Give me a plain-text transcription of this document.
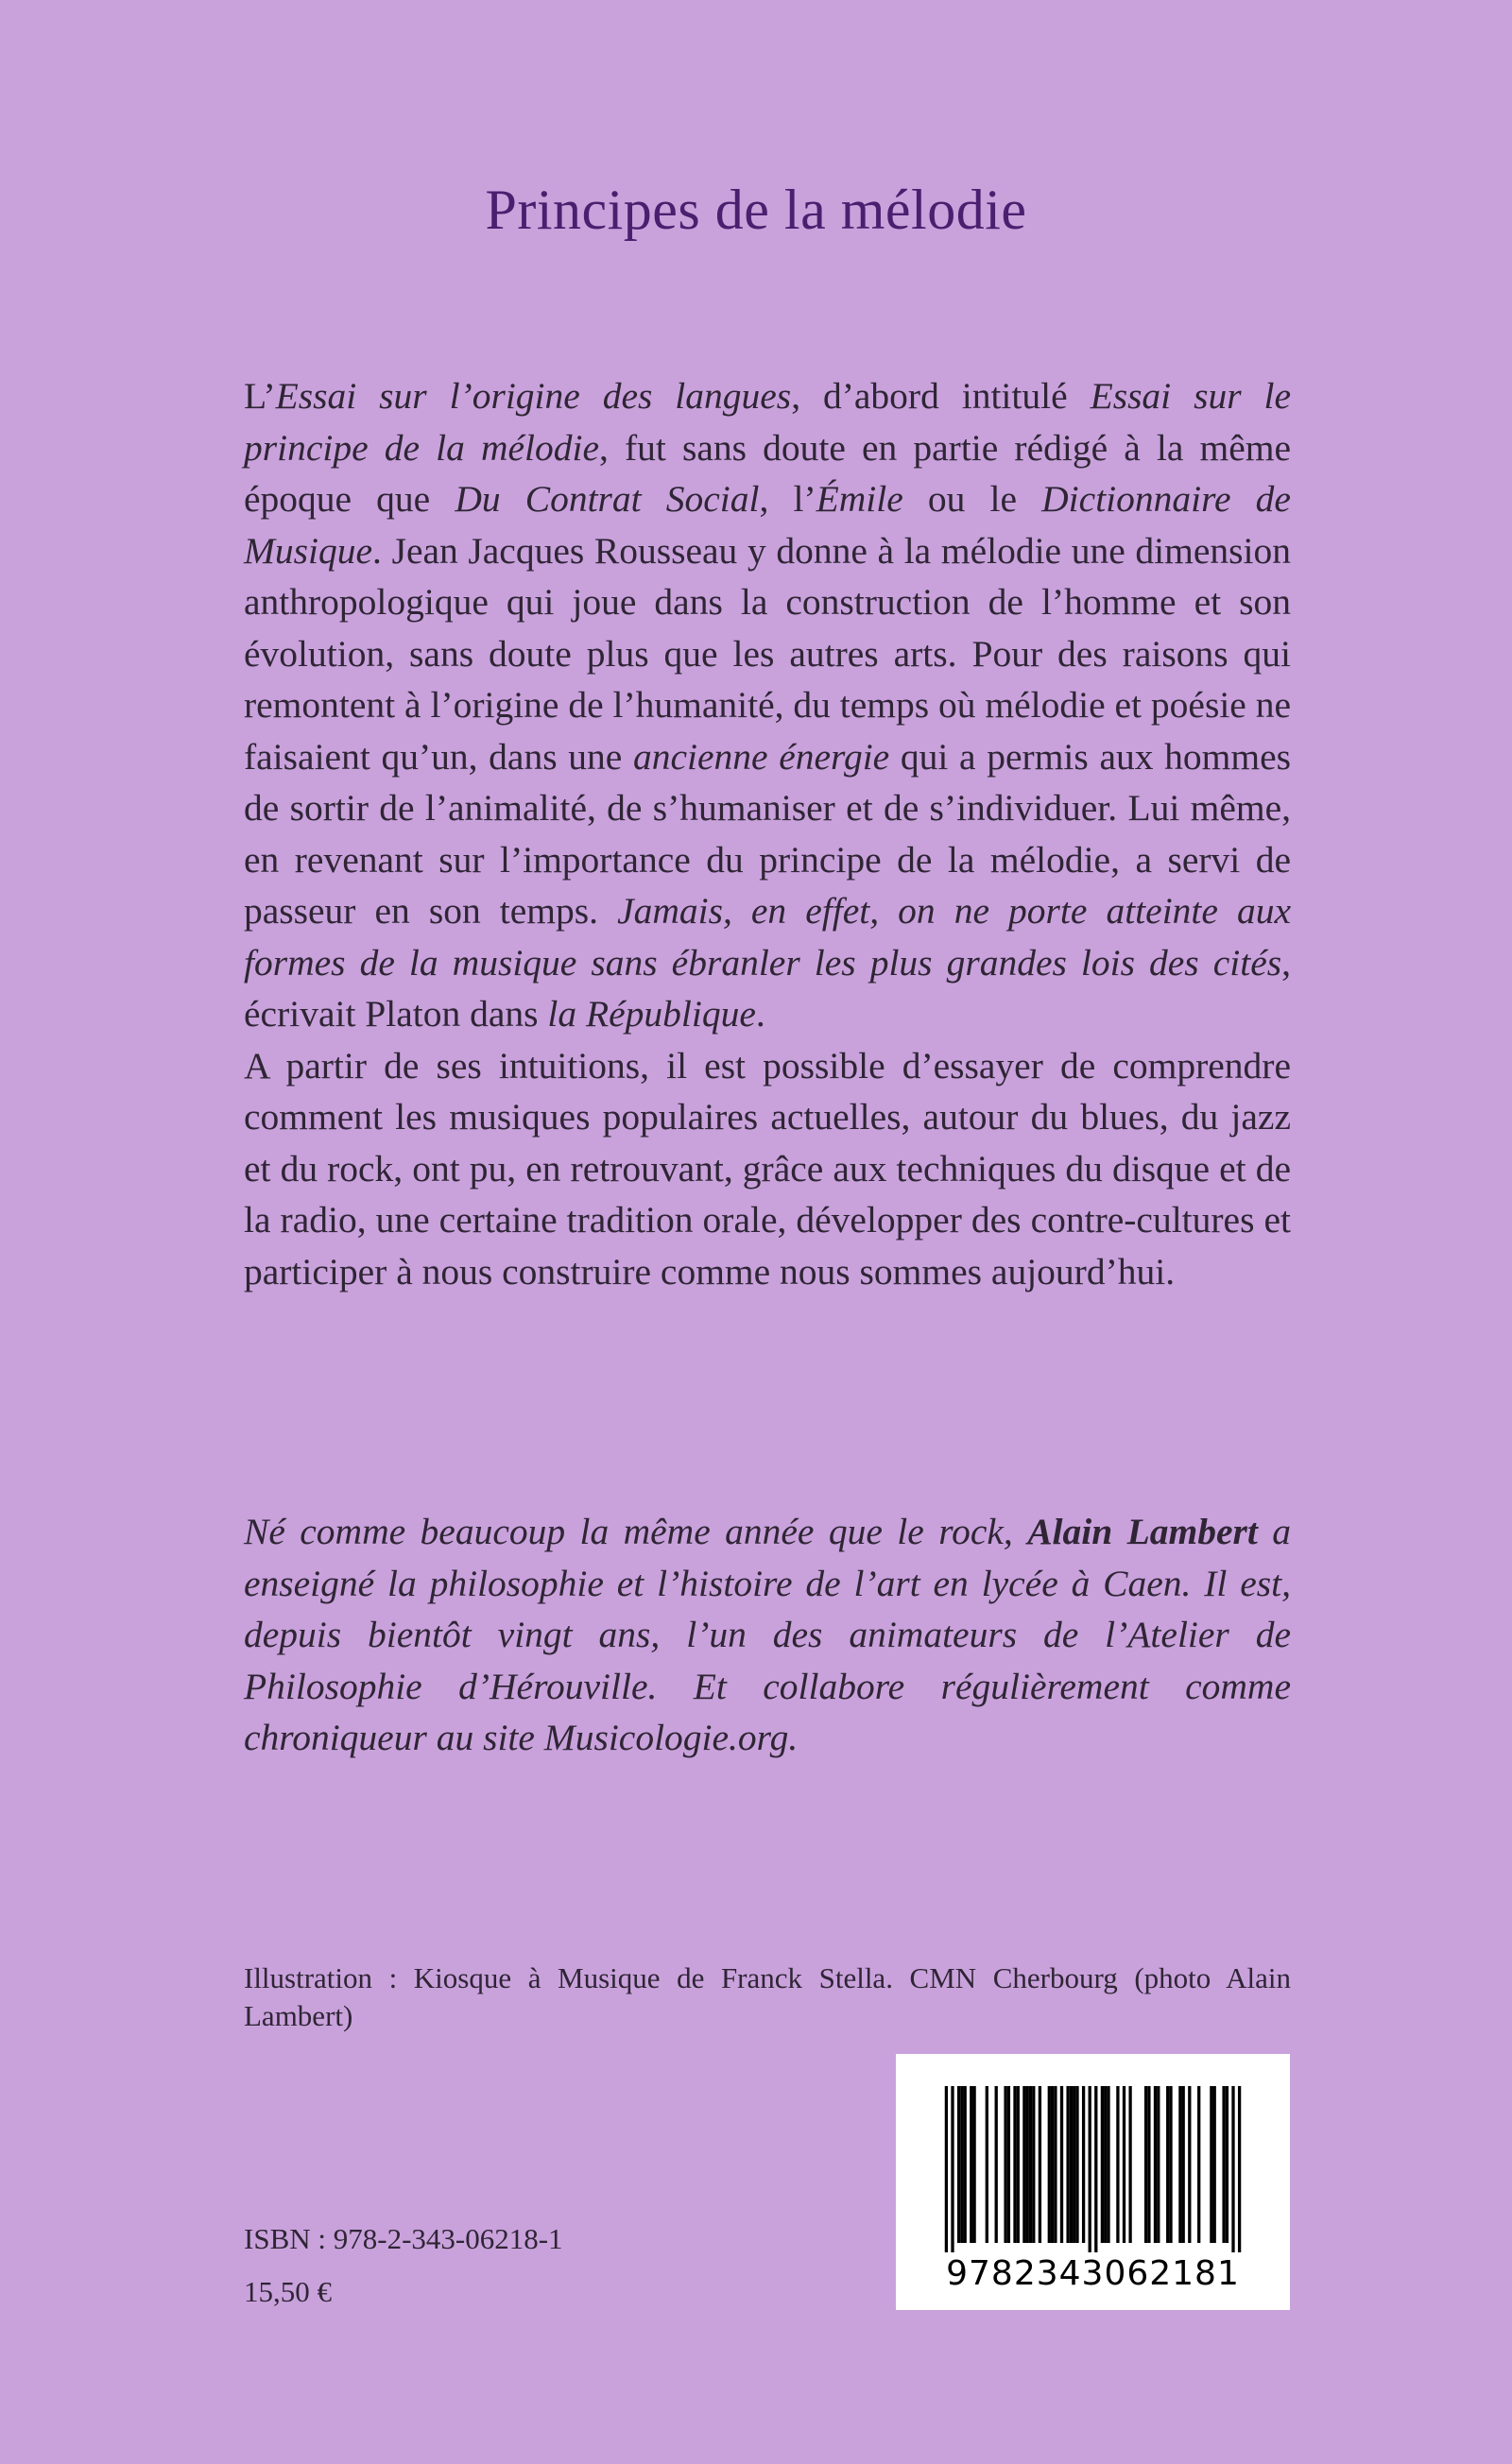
Principes de la mélodie

L’Essai sur l’origine des langues, d’abord intitulé Essai sur le principe de la mélodie, fut sans doute en partie rédigé à la même époque que Du Contrat Social, l’Émile ou le Dictionnaire de Musique. Jean Jacques Rousseau y donne à la mélodie une dimension anthropologique qui joue dans la construction de l’homme et son évolution, sans doute plus que les autres arts. Pour des raisons qui remontent à l’origine de l’humanité, du temps où mélodie et poésie ne faisaient qu’un, dans une ancienne énergie qui a permis aux hommes de sortir de l’animalité, de s’humaniser et de s’individuer. Lui même, en revenant sur l’importance du principe de la mélodie, a servi de passeur en son temps. Jamais, en effet, on ne porte atteinte aux formes de la musique sans ébranler les plus grandes lois des cités, écrivait Platon dans la République.

A partir de ses intuitions, il est possible d’essayer de comprendre comment les musiques populaires actuelles, autour du blues, du jazz et du rock, ont pu, en retrouvant, grâce aux techniques du disque et de la radio, une certaine tradition orale, développer des contre-cultures et participer à nous construire comme nous sommes aujourd’hui.

Né comme beaucoup la même année que le rock, Alain Lambert a enseigné la philosophie et l’histoire de l’art en lycée à Caen. Il est, depuis bientôt vingt ans, l’un des animateurs de l’Atelier de Philosophie d’Hérouville. Et collabore régulièrement comme chroniqueur au site Musicologie.org.
Illustration : Kiosque à Musique de Franck Stella. CMN Cherbourg (photo Alain Lambert)
ISBN : 978-2-343-06218-1
15,50 €	9782343062181
